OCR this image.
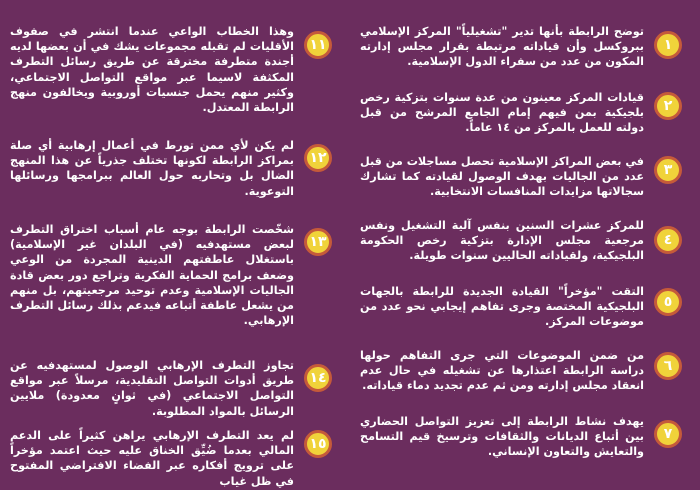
١
توضح الرابطة بأنها تدير "تشغيلياً" المركز الإسلامي ببروكسل وأن قياداته مرتبطة بقرار مجلس إدارته المكون من عدد من سفراء الدول الإسلامية.
٢
قيادات المركز معينون من عدة سنوات بتزكية رخص بلجيكية بمن فيهم إمام الجامع المرشح من قبل دولته للعمل بالمركز من ١٤ عاماً.
٣
في بعض المراكز الإسلامية تحصل مساجلات من قبل عدد من الجاليات بهدف الوصول لقيادته كما تشارك سجالاتها مزايدات المنافسات الانتخابية.
٤
للمركز عشرات السنين بنفس آلية التشغيل ونفس مرجعية مجلس الإدارة بتزكية رخص الحكومة البلجيكية، ولقياداته الحاليين سنوات طويلة.
٥
التقت "مؤخراً" القيادة الجديدة للرابطة بالجهات البلجيكية المختصة وجرى تفاهم إيجابي نحو عدد من موضوعات المركز.
٦
من ضمن الموضوعات التي جرى التفاهم حولها دراسة الرابطة اعتذارها عن تشغيله في حال عدم انعقاد مجلس إدارته ومن ثم عدم تجديد دماء قياداته.
٧
يهدف نشاط الرابطة إلى تعزيز التواصل الحضاري بين أتباع الديانات والثقافات وترسيخ قيم التسامح والتعايش والتعاون الإنساني.
١١
وهذا الخطاب الواعي عندما انتشر في صفوف الأقليات لم تقبله مجموعات يشك في أن بعضها لديه أجندة متطرفة مخترقة عن طريق رسائل التطرف المكثفة لاسيما عبر مواقع التواصل الاجتماعي، وكثير منهم يحمل جنسيات أوروبية ويخالفون منهج الرابطة المعتدل.
١٢
لم يكن لأي ممن تورط في أعمال إرهابية أي صلة بمراكز الرابطة لكونها تختلف جذرياً عن هذا المنهج الضال بل وتحاربه حول العالم ببرامجها ورسائلها التوعوية.
١٣
شخّصت الرابطة بوجه عام أسباب اختراق التطرف لبعض مستهدفيه (في البلدان غير الإسلامية) باستغلال عاطفتهم الدينية المجردة من الوعي وضعف برامج الحماية الفكرية وتراجع دور بعض قادة الجاليات الإسلامية وعدم توحيد مرجعيتهم، بل منهم من يشعل عاطفة أتباعه فيدعم بذلك رسائل التطرف الإرهابي.
١٤
تجاوز التطرف الإرهابي الوصول لمستهدفيه عن طريق أدوات التواصل التقليدية، مرسلاً عبر مواقع التواصل الاجتماعي (في ثوانٍ معدودة) ملايين الرسائل بالمواد المطلوبة.
١٥
لم يعد التطرف الإرهابي يراهن كثيراً على الدعم المالي بعدما ضُيِّق الخناق عليه حيث اعتمد مؤخراً على ترويج أفكاره عبر الفضاء الافتراضي المفتوح في ظل غياب
